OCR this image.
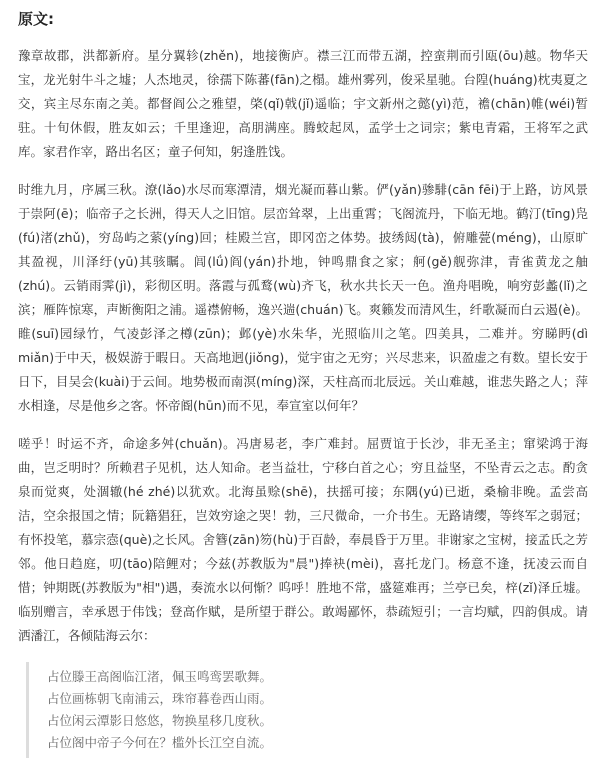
原文:

豫章故郡，洪都新府。星分翼轸(zhěn)，地接衡庐。襟三江而带五湖，控蛮荆而引瓯(ōu)越。物华天宝，龙光射牛斗之墟；人杰地灵，徐孺下陈蕃(fān)之榻。雄州雾列，俊采星驰。台隍(huáng)枕夷夏之交，宾主尽东南之美。都督阎公之雅望，棨(qǐ)戟(jǐ)遥临；宇文新州之懿(yì)范，襜(chān)帷(wéi)暂驻。十旬休假，胜友如云；千里逢迎，高朋满座。腾蛟起凤，孟学士之词宗；紫电青霜，王将军之武库。家君作宰，路出名区；童子何知，躬逢胜饯。

时维九月，序属三秋。潦(lǎo)水尽而寒潭清，烟光凝而暮山紫。俨(yǎn)骖騑(cān fēi)于上路，访风景于崇阿(ē)；临帝子之长洲，得天人之旧馆。层峦耸翠，上出重霄；飞阁流丹，下临无地。鹤汀(tīng)凫(fú)渚(zhǔ)，穷岛屿之萦(yíng)回；桂殿兰宫，即冈峦之体势。披绣闼(tà)，俯雕甍(méng)，山原旷其盈视，川泽纡(yū)其骇瞩。闾(lǘ)阎(yán)扑地，钟鸣鼎食之家；舸(gě)舰弥津，青雀黄龙之舳(zhú)。云销雨霁(jì)，彩彻区明。落霞与孤鹜(wù)齐飞，秋水共长天一色。渔舟唱晚，响穷彭蠡(lǐ)之滨；雁阵惊寒，声断衡阳之浦。遥襟俯畅，逸兴遄(chuán)飞。爽籁发而清风生，纤歌凝而白云遏(è)。睢(suī)园绿竹，气凌彭泽之樽(zūn)；邺(yè)水朱华，光照临川之笔。四美具，二难并。穷睇眄(dì miǎn)于中天，极娱游于暇日。天高地迥(jiǒng)，觉宇宙之无穷；兴尽悲来，识盈虚之有数。望长安于日下，目吴会(kuài)于云间。地势极而南溟(míng)深，天柱高而北辰远。关山难越，谁悲失路之人；萍水相逢，尽是他乡之客。怀帝阍(hūn)而不见，奉宣室以何年？

嗟乎！时运不齐，命途多舛(chuǎn)。冯唐易老，李广难封。屈贾谊于长沙，非无圣主；窜梁鸿于海曲，岂乏明时？所赖君子见机，达人知命。老当益壮，宁移白首之心；穷且益坚，不坠青云之志。酌贪泉而觉爽，处涸辙(hé zhé)以犹欢。北海虽赊(shē)，扶摇可接；东隅(yú)已逝，桑榆非晚。孟尝高洁，空余报国之情；阮籍猖狂，岂效穷途之哭！勃，三尺微命，一介书生。无路请缨，等终军之弱冠；有怀投笔，慕宗悫(què)之长风。舍簪(zān)笏(hù)于百龄，奉晨昏于万里。非谢家之宝树，接孟氏之芳邻。他日趋庭，叨(tāo)陪鲤对；今兹(苏教版为"晨")捧袂(mèi)，喜托龙门。杨意不逢，抚凌云而自惜；钟期既(苏教版为"相")遇，奏流水以何惭？呜呼！胜地不常，盛筵难再；兰亭已矣，梓(zǐ)泽丘墟。临别赠言，幸承恩于伟饯；登高作赋，是所望于群公。敢竭鄙怀，恭疏短引；一言均赋，四韵俱成。请洒潘江，各倾陆海云尔：

占位滕王高阁临江渚，佩玉鸣鸾罢歌舞。
占位画栋朝飞南浦云，珠帘暮卷西山雨。
占位闲云潭影日悠悠，物换星移几度秋。
占位阁中帝子今何在？槛外长江空自流。
